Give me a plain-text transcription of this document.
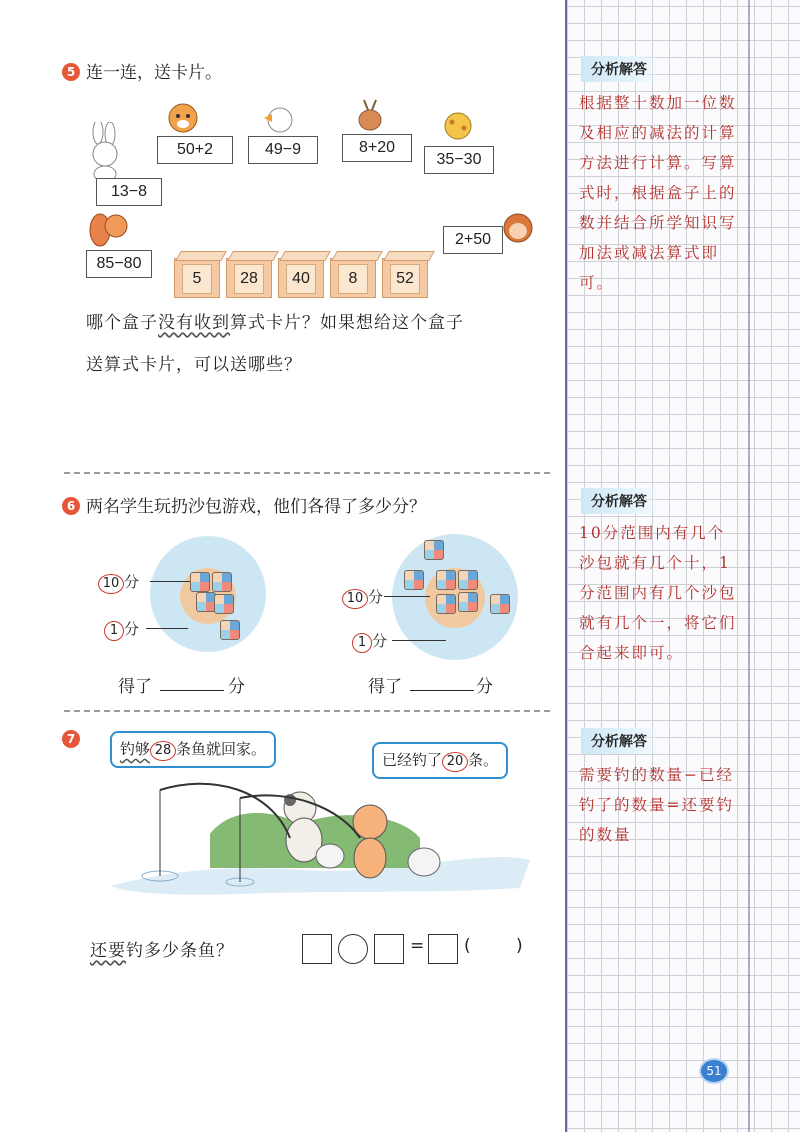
5 连一连，送卡片。
50+2	49−9	8+20
35−30
13−8
2+50
85−80
5	28	40	8	52
哪个盒子没有收到算式卡片？如果想给这个盒子
送算式卡片，可以送哪些？
6 两名学生玩扔沙包游戏，他们各得了多少分？
10 分
1 分
得了	分
10 分
1 分
得了	分
7
钓够 28 条鱼就回家。
已经钓了 20 条。
还要钓多少条鱼？	= (	)
分析解答
根据整十数加一位数及相应的减法的计算方法进行计算。写算式时，根据盒子上的数并结合所学知识写加法或减法算式即可。
分析解答
10分范围内有几个沙包就有几个十，1分范围内有几个沙包就有几个一，将它们合起来即可。
分析解答
需要钓的数量−已经钓了的数量=还要钓的数量
51
